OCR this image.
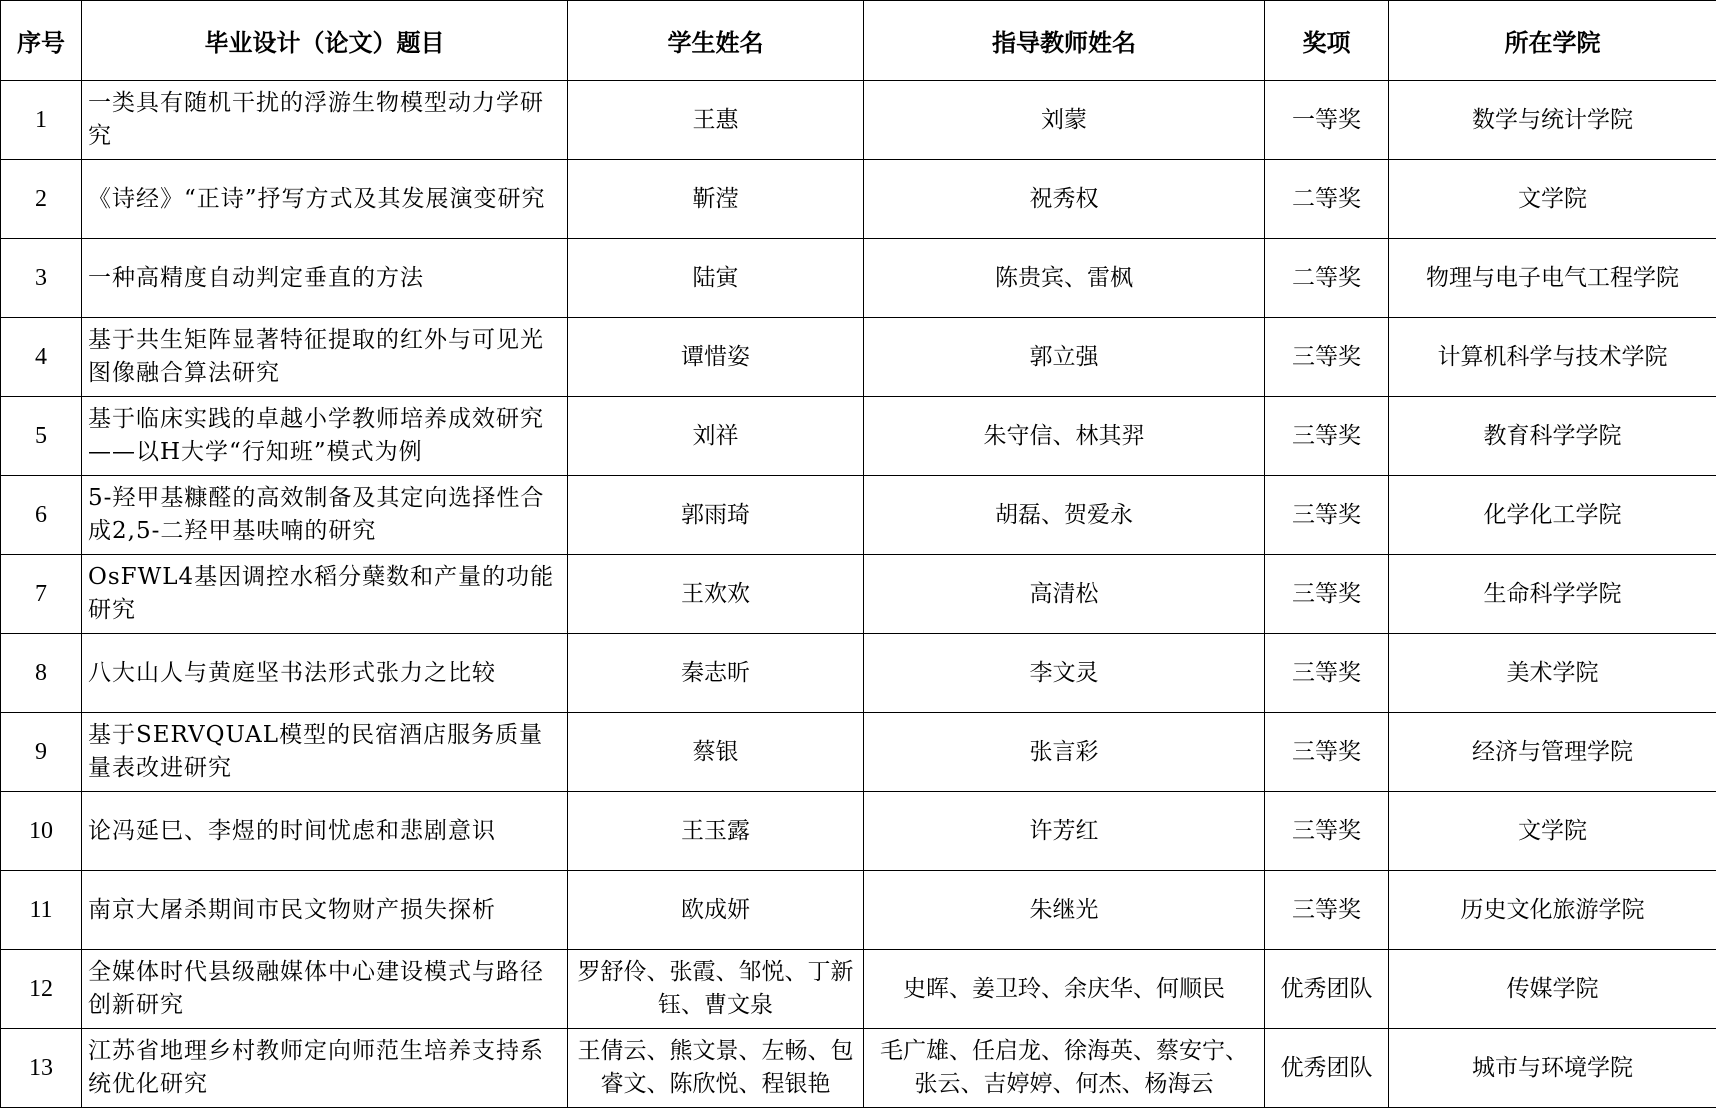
序号	毕业设计（论文）题目	学生姓名	指导教师姓名	奖项	所在学院
1	一类具有随机干扰的浮游生物模型动力学研究	王惠	刘蒙	一等奖	数学与统计学院
2	《诗经》“正诗”抒写方式及其发展演变研究	靳滢	祝秀权	二等奖	文学院
3	一种高精度自动判定垂直的方法	陆寅	陈贵宾、雷枫	二等奖	物理与电子电气工程学院
4	基于共生矩阵显著特征提取的红外与可见光图像融合算法研究	谭惜姿	郭立强	三等奖	计算机科学与技术学院
5	基于临床实践的卓越小学教师培养成效研究——以H大学“行知班”模式为例	刘祥	朱守信、林其羿	三等奖	教育科学学院
6	5-羟甲基糠醛的高效制备及其定向选择性合成2,5-二羟甲基呋喃的研究	郭雨琦	胡磊、贺爱永	三等奖	化学化工学院
7	OsFWL4基因调控水稻分蘖数和产量的功能研究	王欢欢	高清松	三等奖	生命科学学院
8	八大山人与黄庭坚书法形式张力之比较	秦志昕	李文灵	三等奖	美术学院
9	基于SERVQUAL模型的民宿酒店服务质量量表改进研究	蔡银	张言彩	三等奖	经济与管理学院
10	论冯延巳、李煜的时间忧虑和悲剧意识	王玉露	许芳红	三等奖	文学院
11	南京大屠杀期间市民文物财产损失探析	欧成妍	朱继光	三等奖	历史文化旅游学院
12	全媒体时代县级融媒体中心建设模式与路径创新研究	罗舒伶、张霞、邹悦、丁新钰、曹文泉	史晖、姜卫玲、余庆华、何顺民	优秀团队	传媒学院
13	江苏省地理乡村教师定向师范生培养支持系统优化研究	王倩云、熊文景、左畅、包睿文、陈欣悦、程银艳	毛广雄、任启龙、徐海英、蔡安宁、张云、吉婷婷、何杰、杨海云	优秀团队	城市与环境学院
